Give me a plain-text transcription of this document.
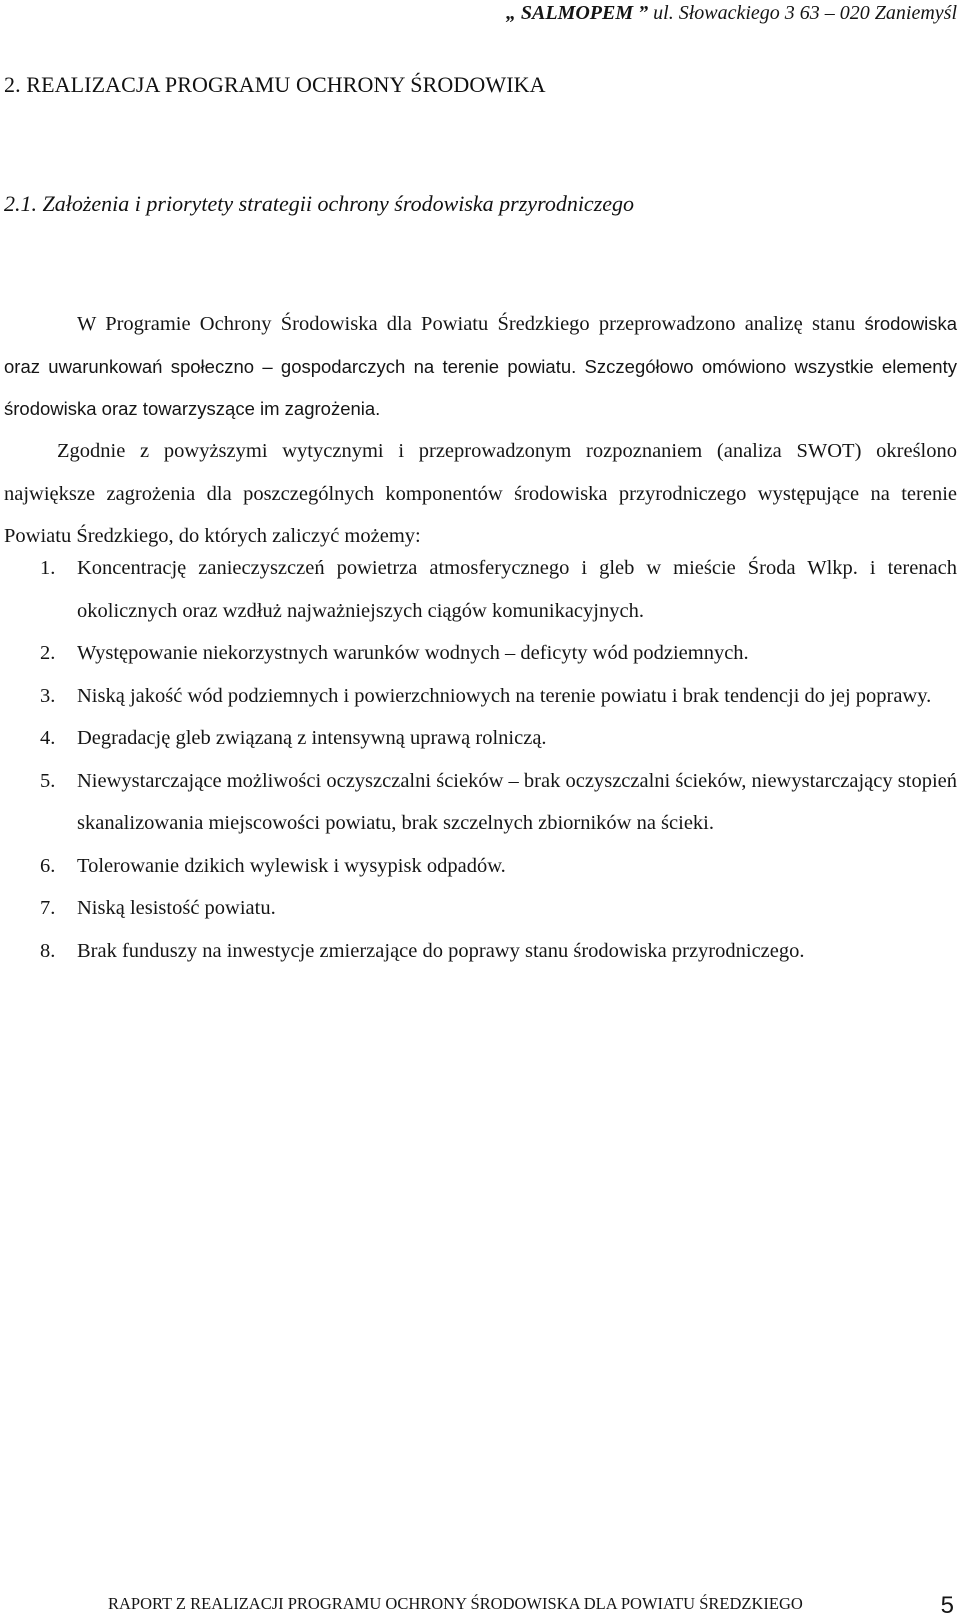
„ SALMOPEM ” ul. Słowackiego 3 63 – 020 Zaniemyśl
2. REALIZACJA PROGRAMU OCHRONY ŚRODOWIKA
2.1. Założenia i priorytety strategii ochrony środowiska przyrodniczego
W Programie Ochrony Środowiska dla Powiatu Średzkiego przeprowadzono analizę stanu środowiska oraz uwarunkowań społeczno – gospodarczych na terenie powiatu. Szczegółowo omówiono wszystkie elementy środowiska oraz towarzyszące im zagrożenia.
Zgodnie z powyższymi wytycznymi i przeprowadzonym rozpoznaniem (analiza SWOT) określono największe zagrożenia dla poszczególnych komponentów środowiska przyrodniczego występujące na terenie Powiatu Średzkiego, do których zaliczyć możemy:
1.	Koncentrację zanieczyszczeń powietrza atmosferycznego i gleb w mieście Środa Wlkp. i terenach okolicznych oraz wzdłuż najważniejszych ciągów komunikacyjnych.
2.	Występowanie niekorzystnych warunków wodnych – deficyty wód podziemnych.
3.	Niską jakość wód podziemnych i powierzchniowych na terenie powiatu i brak tendencji do jej poprawy.
4.	Degradację gleb związaną z intensywną uprawą rolniczą.
5.	Niewystarczające możliwości oczyszczalni ścieków – brak oczyszczalni ścieków, niewystarczający stopień skanalizowania miejscowości powiatu, brak szczelnych zbiorników na ścieki.
6.	Tolerowanie dzikich wylewisk i wysypisk odpadów.
7.	Niską lesistość powiatu.
8.	Brak funduszy na inwestycje zmierzające do poprawy stanu środowiska przyrodniczego.
RAPORT Z REALIZACJI PROGRAMU OCHRONY ŚRODOWISKA DLA POWIATU ŚREDZKIEGO	5
